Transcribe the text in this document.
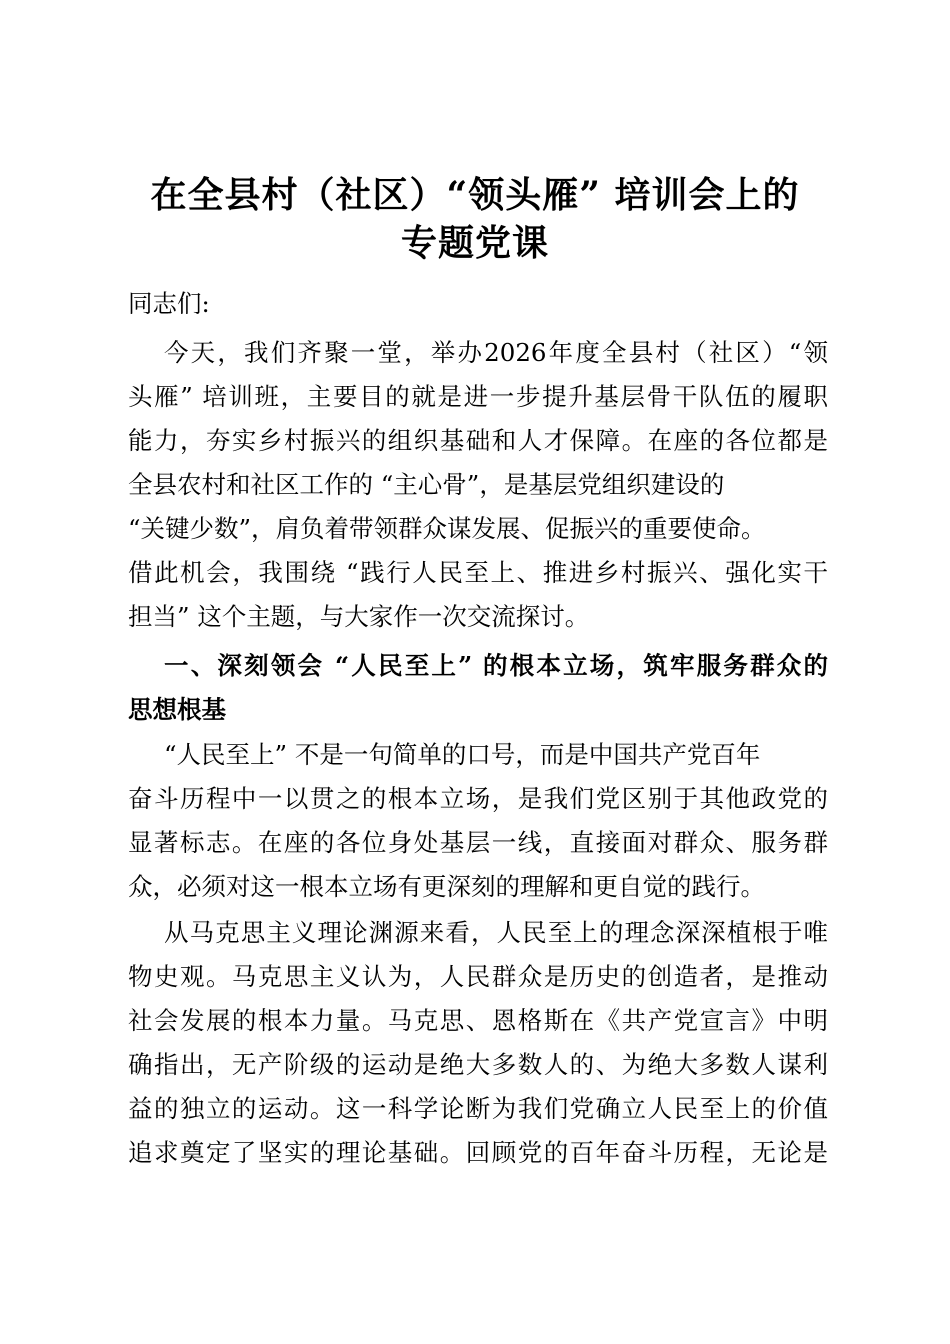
在全县村（社区）“领头雁” 培训会上的
专题党课
同志们:
今天，我们齐聚一堂，举办2026年度全县村（社区）“领
头雁” 培训班，主要目的就是进一步提升基层骨干队伍的履职
能力，夯实乡村振兴的组织基础和人才保障。在座的各位都是
全县农村和社区工作的 “主心骨”，是基层党组织建设的
“关键少数”，肩负着带领群众谋发展、促振兴的重要使命。
借此机会，我围绕 “践行人民至上、推进乡村振兴、强化实干
担当” 这个主题，与大家作一次交流探讨。
一、深刻领会 “人民至上” 的根本立场，筑牢服务群众的
思想根基
“人民至上” 不是一句简单的口号，而是中国共产党百年
奋斗历程中一以贯之的根本立场，是我们党区别于其他政党的
显著标志。在座的各位身处基层一线，直接面对群众、服务群
众，必须对这一根本立场有更深刻的理解和更自觉的践行。
从马克思主义理论渊源来看，人民至上的理念深深植根于唯
物史观。马克思主义认为，人民群众是历史的创造者，是推动
社会发展的根本力量。马克思、恩格斯在《共产党宣言》中明
确指出，无产阶级的运动是绝大多数人的、为绝大多数人谋利
益的独立的运动。这一科学论断为我们党确立人民至上的价值
追求奠定了坚实的理论基础。回顾党的百年奋斗历程，无论是
